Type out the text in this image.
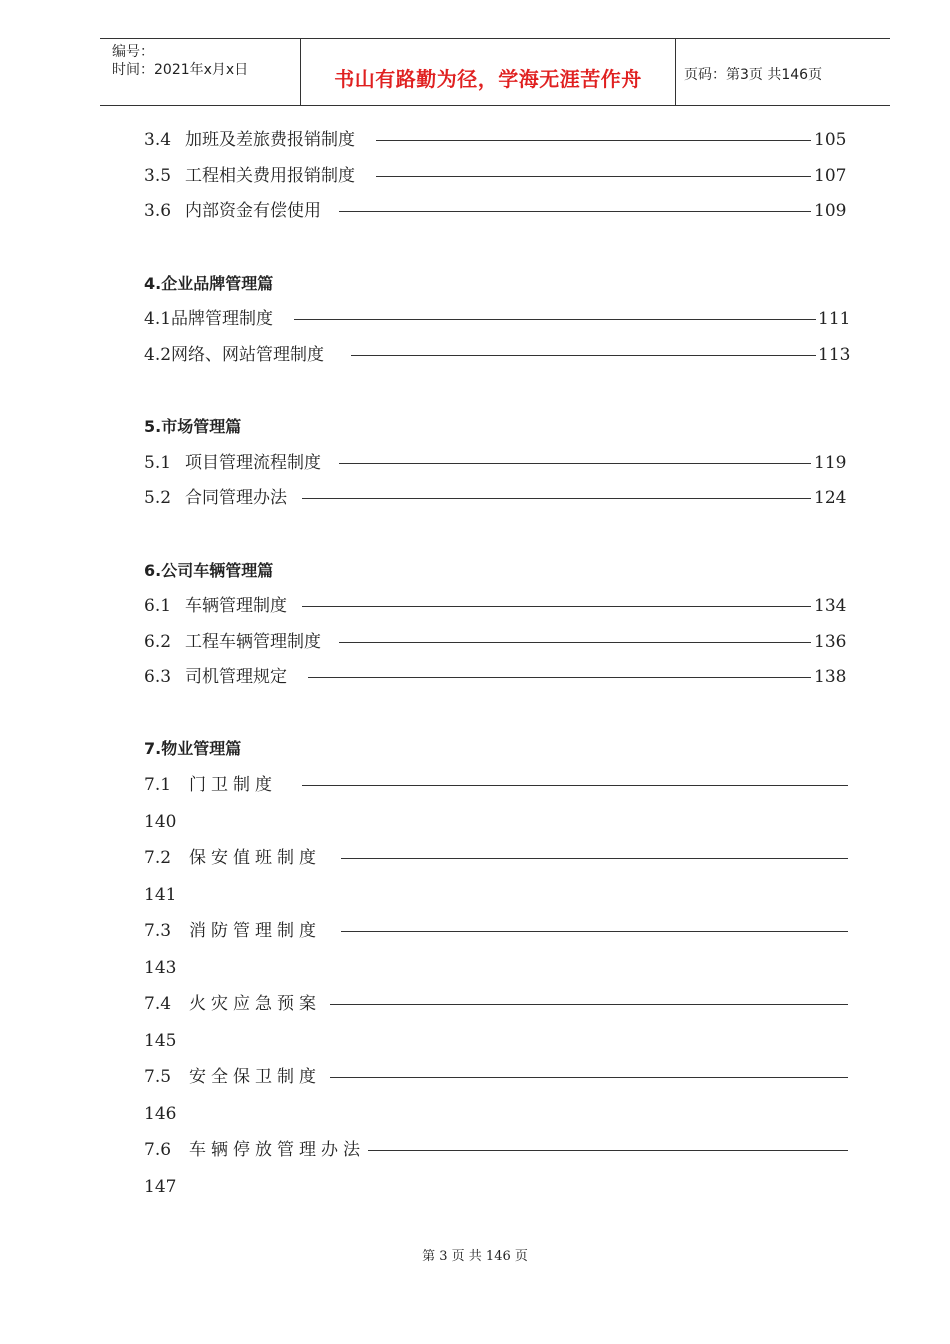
编号：
时间：2021年x月x日	书山有路勤为径，学海无涯苦作舟	页码：第3页 共146页
3.4 加班及差旅费报销制度	105
3.5 工程相关费用报销制度	107
3.6 内部资金有偿使用	109
4.企业品牌管理篇
4.1品牌管理制度	111
4.2网络、网站管理制度	113
5.市场管理篇
5.1 项目管理流程制度	119
5.2 合同管理办法	124
6.公司车辆管理篇
6.1 车辆管理制度	134
6.2 工程车辆管理制度	136
6.3 司机管理规定	138
7.物业管理篇
7.1 门卫制度
140
7.2 保安值班制度
141
7.3 消防管理制度
143
7.4 火灾应急预案
145
7.5 安全保卫制度
146
7.6 车辆停放管理办法
147
第 3 页 共 146 页
